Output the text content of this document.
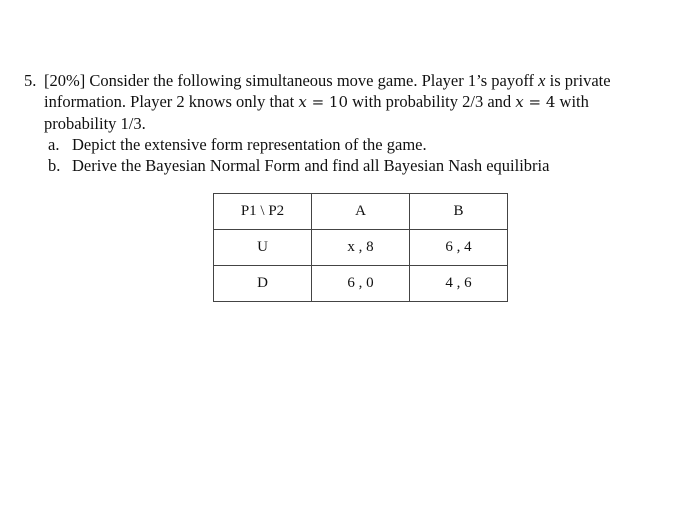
5. [20%] Consider the following simultaneous move game. Player 1’s payoff x is private
information. Player 2 knows only that x = 10 with probability 2/3 and x = 4 with
probability 1/3.
a. Depict the extensive form representation of the game.
b. Derive the Bayesian Normal Form and find all Bayesian Nash equilibria
P1 \ P2	A	B
U	x , 8	6 , 4
D	6 , 0	4 , 6
